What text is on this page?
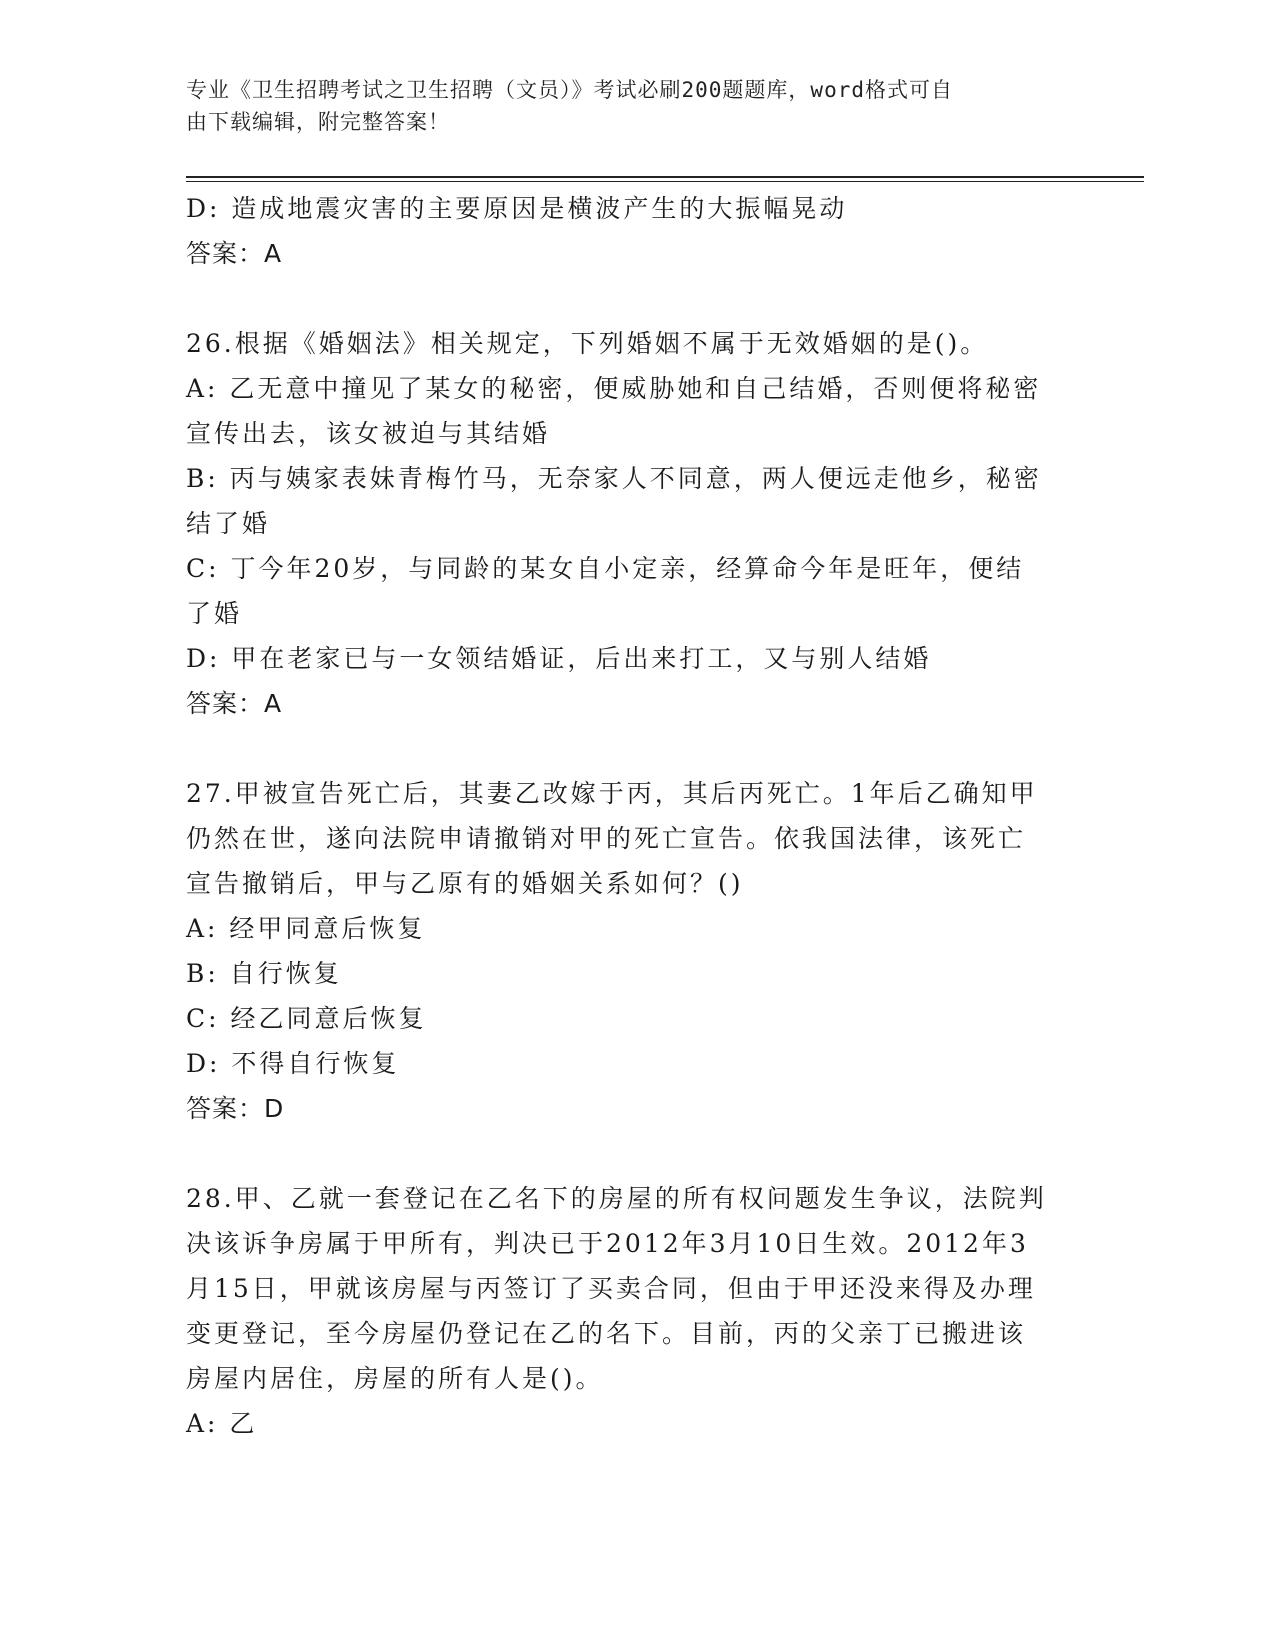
专业《卫生招聘考试之卫生招聘（文员）》考试必刷200题题库，word格式可自
由下载编辑，附完整答案！
D: 造成地震灾害的主要原因是横波产生的大振幅晃动
答案：A
26.根据《婚姻法》相关规定，下列婚姻不属于无效婚姻的是()。
A: 乙无意中撞见了某女的秘密，便威胁她和自己结婚，否则便将秘密
宣传出去，该女被迫与其结婚
B: 丙与姨家表妹青梅竹马，无奈家人不同意，两人便远走他乡，秘密
结了婚
C: 丁今年20岁，与同龄的某女自小定亲，经算命今年是旺年，便结
了婚
D: 甲在老家已与一女领结婚证，后出来打工，又与别人结婚
答案：A
27.甲被宣告死亡后，其妻乙改嫁于丙，其后丙死亡。1年后乙确知甲
仍然在世，遂向法院申请撤销对甲的死亡宣告。依我国法律，该死亡
宣告撤销后，甲与乙原有的婚姻关系如何？()
A: 经甲同意后恢复
B: 自行恢复
C: 经乙同意后恢复
D: 不得自行恢复
答案：D
28.甲、乙就一套登记在乙名下的房屋的所有权问题发生争议，法院判
决该诉争房属于甲所有，判决已于2012年3月10日生效。2012年3
月15日，甲就该房屋与丙签订了买卖合同，但由于甲还没来得及办理
变更登记，至今房屋仍登记在乙的名下。目前，丙的父亲丁已搬进该
房屋内居住，房屋的所有人是()。
A: 乙
